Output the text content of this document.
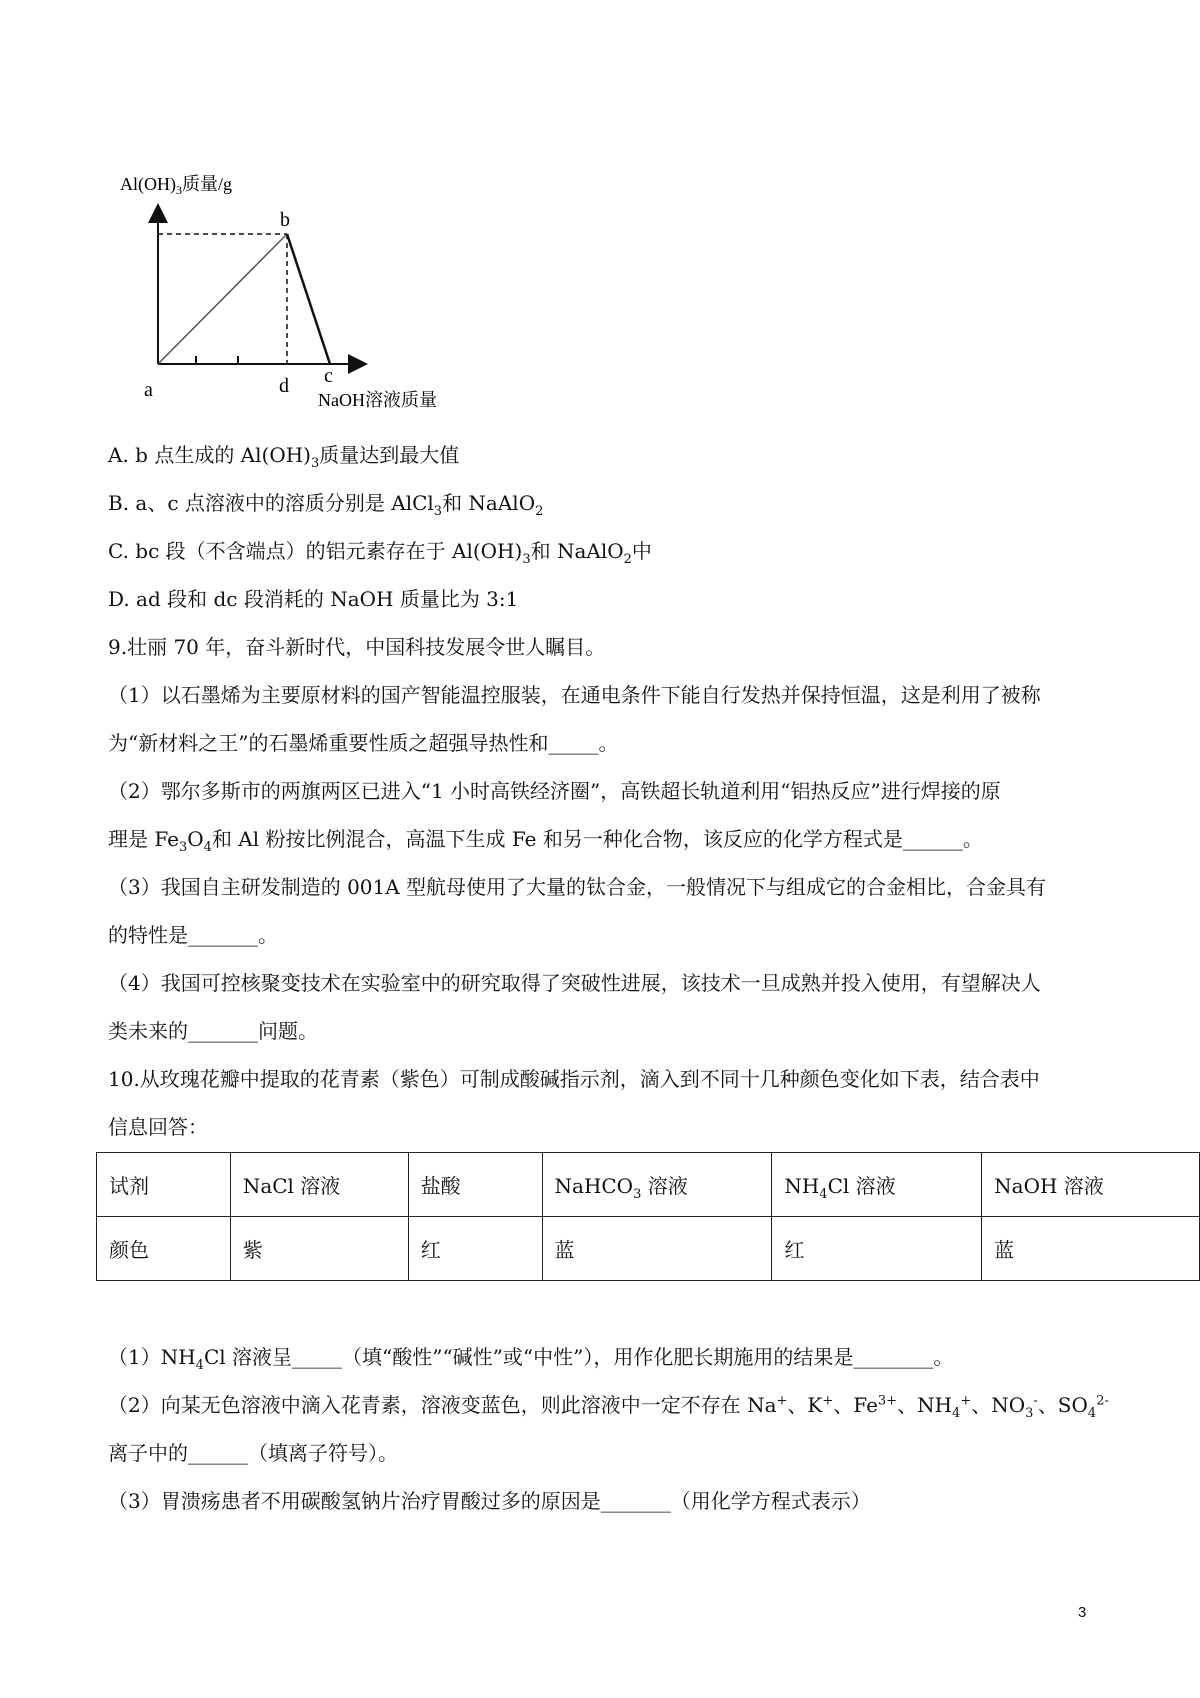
$Al(OH)_3$质量/g
a
b
d c
NaOH溶液质量
A. b 点生成的 $Al(OH)_3$质量达到最大值
B. a、c 点溶液中的溶质分别是 AlCl$_3$和 NaAlO$_2$
C. bc 段（不含端点）的铝元素存在于 $Al(OH)_3$和 NaAlO$_2$中
D. ad 段和 dc 段消耗的 NaOH 质量比为 3:1
9.壮丽 70 年，奋斗新时代，中国科技发展令世人瞩目。
（1）以石墨烯为主要原材料的国产智能温控服装，在通电条件下能自行发热并保持恒温，这是利用了被称
为“新材料之王”的石墨烯重要性质之超强导热性和_____。
（2）鄂尔多斯市的两旗两区已进入“1 小时高铁经济圈”，高铁超长轨道利用“铝热反应”进行焊接的原
理是 $Fe_3O_4$和 Al 粉按比例混合，高温下生成 Fe 和另一种化合物，该反应的化学方程式是______。
（3）我国自主研发制造的 001A 型航母使用了大量的钛合金，一般情况下与组成它的合金相比，合金具有
的特性是_______。
（4）我国可控核聚变技术在实验室中的研究取得了突破性进展，该技术一旦成熟并投入使用，有望解决人
类未来的_______问题。
10.从玫瑰花瓣中提取的花青素（紫色）可制成酸碱指示剂，滴入到不同十几种颜色变化如下表，结合表中
信息回答：
试剂	NaCl 溶液	盐酸	NaHCO$_3$ 溶液	$NH_4Cl$ 溶液	NaOH 溶液
颜色	紫	红	蓝	红	蓝
$(1)NH_4Cl$ 溶液呈_____（填“酸性”“碱性”或“中性”），用作化肥长期施用的结果是________。
（2）向某无色溶液中滴入花青素，溶液变蓝色，则此溶液中一定不存在 Na+、K+、$Fe^{3+}$、$NH_4^+$、$NO_3^-$、$SO_4^{2-}$
离子中的______（填离子符号）。
（3）胃溃疡患者不用碳酸氢钠片治疗胃酸过多的原因是_______（用化学方程式表示）
3
